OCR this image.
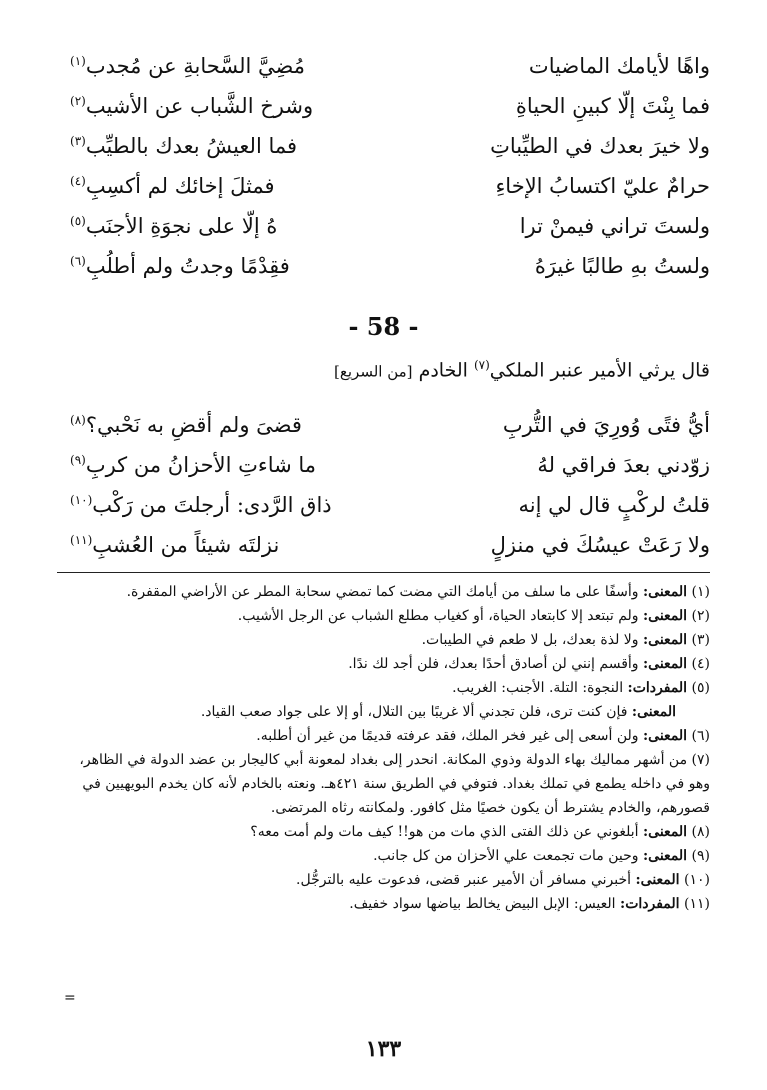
واهًا لأيامك الماضيات
مُضِيَّ السَّحابةِ عن مُجدب$^{(١)}$
فما بِنْتَ إلّا كبينِ الحياةِ
وشرخ الشَّباب عن الأشيب$^{(٢)}$
ولا خيرَ بعدك في الطيِّباتِ
فما العيشُ بعدك بالطيِّب$^{(٣)}$
حرامٌ عليّ اكتسابُ الإخاءِ
فمثلَ إخائك لم أكسِبِ$^{(٤)}$
ولستَ تراني فيمنْ ترا
هُ إلّا على نجوَةِ الأجنَب$^{(٥)}$
ولستُ بهِ طالبًا غيرَهُ
فقِدْمًا وجدتُ ولم أطلُبِ$^{(٦)}$
- 58 -
قال يرثي الأمير عنبر الملكي$^{(٧)}$ الخادم [من السريع]
أيُّ فتًى وُورِيَ في التُّربِ
قضىَ ولم أقضِ به نَحْبي؟$^{(٨)}$
زوّدني بعدَ فراقي لهُ
ما شاءتِ الأحزانُ من كربِ$^{(٩)}$
قلتُ لركْبٍ قال لي إنه
ذاق الرَّدى: أرجلتَ من رَكْب$^{(١٠)}$
ولا رَعَتْ عيسُكَ في منزلٍ
نزلتَه شيئاً من العُشبِ$^{(١١)}$

(١) المعنى: وأسفًا على ما سلف من أيامك التي مضت كما تمضي سحابة المطر عن الأراضي المقفرة.

(٢) المعنى: ولم تبتعد إلا كابتعاد الحياة، أو كغياب مطلع الشباب عن الرجل الأشيب.

(٣) المعنى: ولا لذة بعدك، بل لا طعم في الطيبات.

(٤) المعنى: وأقسم إنني لن أصادق أحدًا بعدك، فلن أجد لك ندًا.

(٥) المفردات: النجوة: التلة. الأجنب: الغريب.

المعنى: فإن كنت ترى، فلن تجدني ألا غريبًا بين التلال، أو إلا على جواد صعب القياد.

(٦) المعنى: ولن أسعى إلى غير فخر الملك، فقد عرفته قديمًا من غير أن أطلبه.

(٧) من أشهر مماليك بهاء الدولة وذوي المكانة. انحدر إلى بغداد لمعونة أبي كاليجار بن عضد الدولة في الظاهر، وهو في داخله يطمع في تملك بغداد. فتوفي في الطريق سنة ٤٢١هـ. ونعته بالخادم لأنه كان يخدم البويهيين في قصورهم، والخادم يشترط أن يكون خصيًا مثل كافور. ولمكانته رثاه المرتضى.

(٨) المعنى: أبلغوني عن ذلك الفتى الذي مات من هو!! كيف مات ولم أمت معه؟

(٩) المعنى: وحين مات تجمعت علي الأحزان من كل جانب.

(١٠) المعنى: أخبرني مسافر أن الأمير عنبر قضى، فدعوت عليه بالترجُّل.

(١١) المفردات: العيس: الإبل البيض يخالط بياضها سواد خفيف.

=
١٣٣
